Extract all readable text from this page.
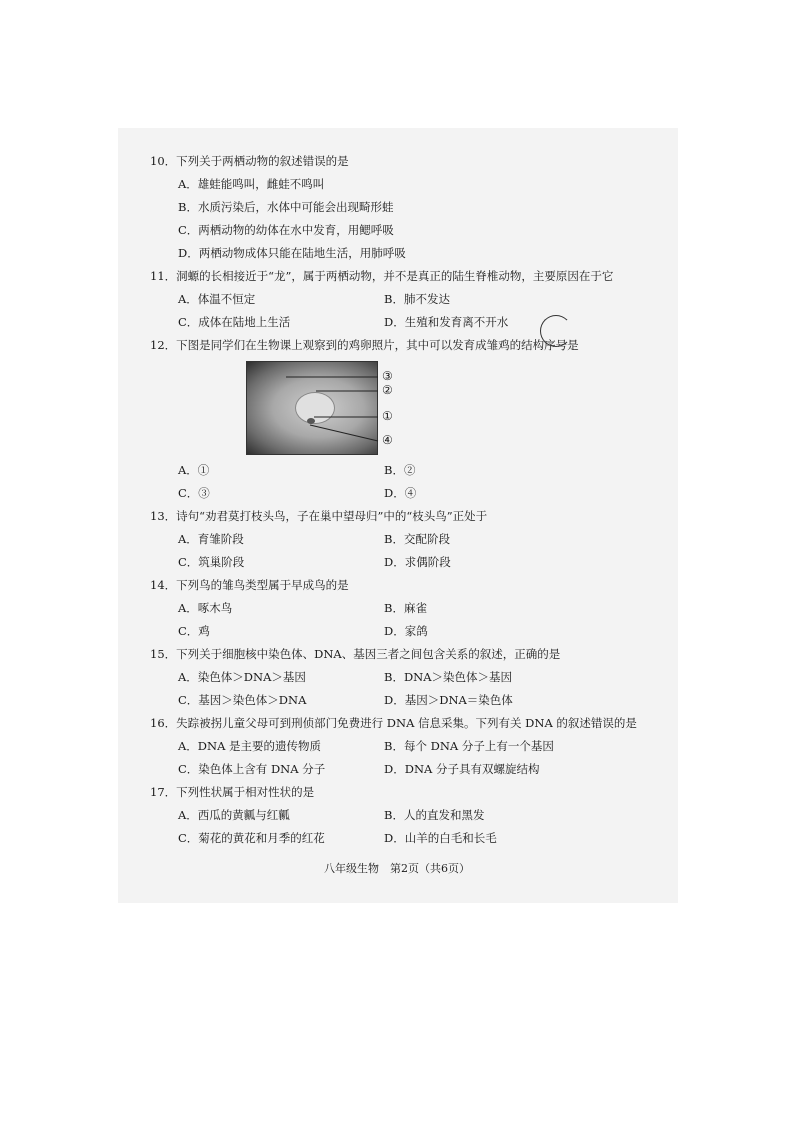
10．下列关于两栖动物的叙述错误的是
A．雄蛙能鸣叫，雌蛙不鸣叫
B．水质污染后，水体中可能会出现畸形蛙
C．两栖动物的幼体在水中发育，用鳃呼吸
D．两栖动物成体只能在陆地生活，用肺呼吸
11．洞螈的长相接近于“龙”，属于两栖动物，并不是真正的陆生脊椎动物，主要原因在于它
A．体温不恒定	B．肺不发达
C．成体在陆地上生活	D．生殖和发育离不开水
12．下图是同学们在生物课上观察到的鸡卵照片，其中可以发育成雏鸡的结构序号是
③
②
①
④
A．①	B．②
C．③	D．④
13．诗句“劝君莫打枝头鸟，子在巢中望母归”中的“枝头鸟”正处于
A．育雏阶段	B．交配阶段
C．筑巢阶段	D．求偶阶段
14．下列鸟的雏鸟类型属于早成鸟的是
A．啄木鸟	B．麻雀
C．鸡	D．家鸽
15．下列关于细胞核中染色体、DNA、基因三者之间包含关系的叙述，正确的是
A．染色体＞DNA＞基因	B．DNA＞染色体＞基因
C．基因＞染色体＞DNA	D．基因＞DNA＝染色体
16．失踪被拐儿童父母可到刑侦部门免费进行 DNA 信息采集。下列有关 DNA 的叙述错误的是
A．DNA 是主要的遗传物质	B．每个 DNA 分子上有一个基因
C．染色体上含有 DNA 分子	D．DNA 分子具有双螺旋结构
17．下列性状属于相对性状的是
A．西瓜的黄瓤与红瓤	B．人的直发和黑发
C．菊花的黄花和月季的红花	D．山羊的白毛和长毛
八年级生物　第2页（共6页）
